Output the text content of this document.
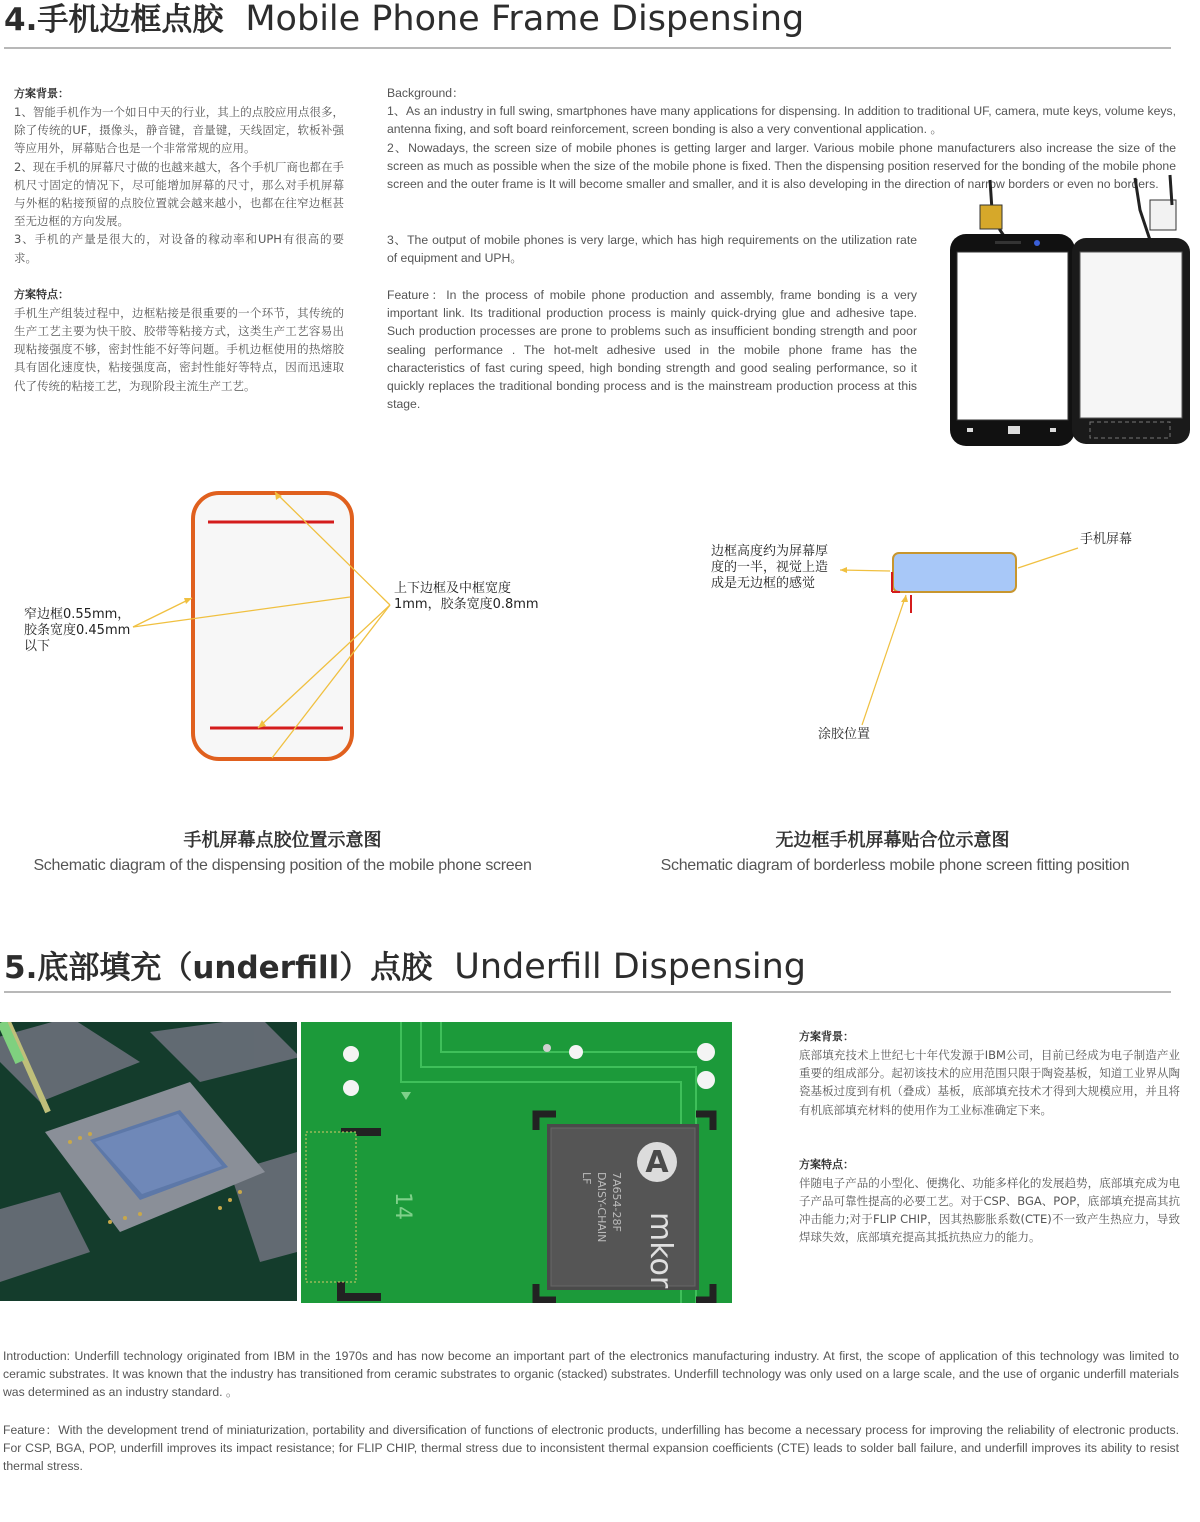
4.手机边框点胶 Mobile Phone Frame Dispensing
方案背景：

1、智能手机作为一个如日中天的行业，其上的点胶应用点很多，除了传统的UF，摄像头，静音键，音量键，天线固定，软板补强等应用外，屏幕贴合也是一个非常常规的应用。

2、现在手机的屏幕尺寸做的也越来越大，各个手机厂商也都在手机尺寸固定的情况下，尽可能增加屏幕的尺寸，那么对手机屏幕与外框的粘接预留的点胶位置就会越来越小，也都在往窄边框甚至无边框的方向发展。

3、手机的产量是很大的，对设备的稼动率和UPH有很高的要求。

方案特点：
手机生产组装过程中，边框粘接是很重要的一个环节，其传统的生产工艺主要为快干胶、胶带等粘接方式，这类生产工艺容易出现粘接强度不够，密封性能不好等问题。手机边框使用的热熔胶具有固化速度快，粘接强度高，密封性能好等特点，因而迅速取代了传统的粘接工艺，为现阶段主流生产工艺。
Background：
1、As an industry in full swing, smartphones have many applications for dispensing. In addition to traditional UF, camera, mute keys, volume keys, antenna fixing, and soft board reinforcement, screen bonding is also a very conventional application. 。

2、Nowadays, the screen size of mobile phones is getting larger and larger. Various mobile phone manufacturers also increase the size of the screen as much as possible when the size of the mobile phone is fixed. Then the dispensing position reserved for the bonding of the mobile phone screen and the outer frame is It will become smaller and smaller, and it is also developing in the direction of narrow borders or even no borders.

3、The output of mobile phones is very large, which has high requirements on the utilization rate of equipment and UPH。
Feature：In the process of mobile phone production and assembly, frame bonding is a very important link. Its traditional production process is mainly quick-drying glue and adhesive tape. Such production processes are prone to problems such as insufficient bonding strength and poor sealing performance . The hot-melt adhesive used in the mobile phone frame has the characteristics of fast curing speed, high bonding strength and good sealing performance, so it quickly replaces the traditional bonding process and is the mainstream production process at this stage.
窄边框0.55mm，
胶条宽度0.45mm
以下
上下边框及中框宽度
1mm，胶条宽度0.8mm
边框高度约为屏幕厚
度的一半，视觉上造
成是无边框的感觉
手机屏幕
涂胶位置
手机屏幕点胶位置示意图
Schematic diagram of the dispensing position of the mobile phone screen
无边框手机屏幕贴合位示意图
Schematic diagram of borderless mobile phone screen fitting position
5.底部填充（underfill）点胶 Underfill Dispensing
A
mkor
7A654-28F
DAISY-CHAIN
LF
14
方案背景：
底部填充技术上世纪七十年代发源于IBM公司，目前已经成为电子制造产业重要的组成部分。起初该技术的应用范围只限于陶瓷基板，知道工业界从陶瓷基板过度到有机（叠成）基板，底部填充技术才得到大规模应用，并且将有机底部填充材料的使用作为工业标准确定下来。
方案特点：
伴随电子产品的小型化、便携化、功能多样化的发展趋势，底部填充成为电子产品可靠性提高的必要工艺。对于CSP、BGA、POP，底部填充提高其抗冲击能力;对于FLIP CHIP，因其热膨胀系数(CTE)不一致产生热应力，导致焊球失效，底部填充提高其抵抗热应力的能力。
Introduction: Underfill technology originated from IBM in the 1970s and has now become an important part of the electronics manufacturing industry. At first, the scope of application of this technology was limited to ceramic substrates. It was known that the industry has transitioned from ceramic substrates to organic (stacked) substrates. Underfill technology was only used on a large scale, and the use of organic underfill materials was determined as an industry standard. 。
Feature：With the development trend of miniaturization, portability and diversification of functions of electronic products, underfilling has become a necessary process for improving the reliability of electronic products. For CSP, BGA, POP, underfill improves its impact resistance; for FLIP CHIP, thermal stress due to inconsistent thermal expansion coefficients (CTE) leads to solder ball failure, and underfill improves its ability to resist thermal stress.
